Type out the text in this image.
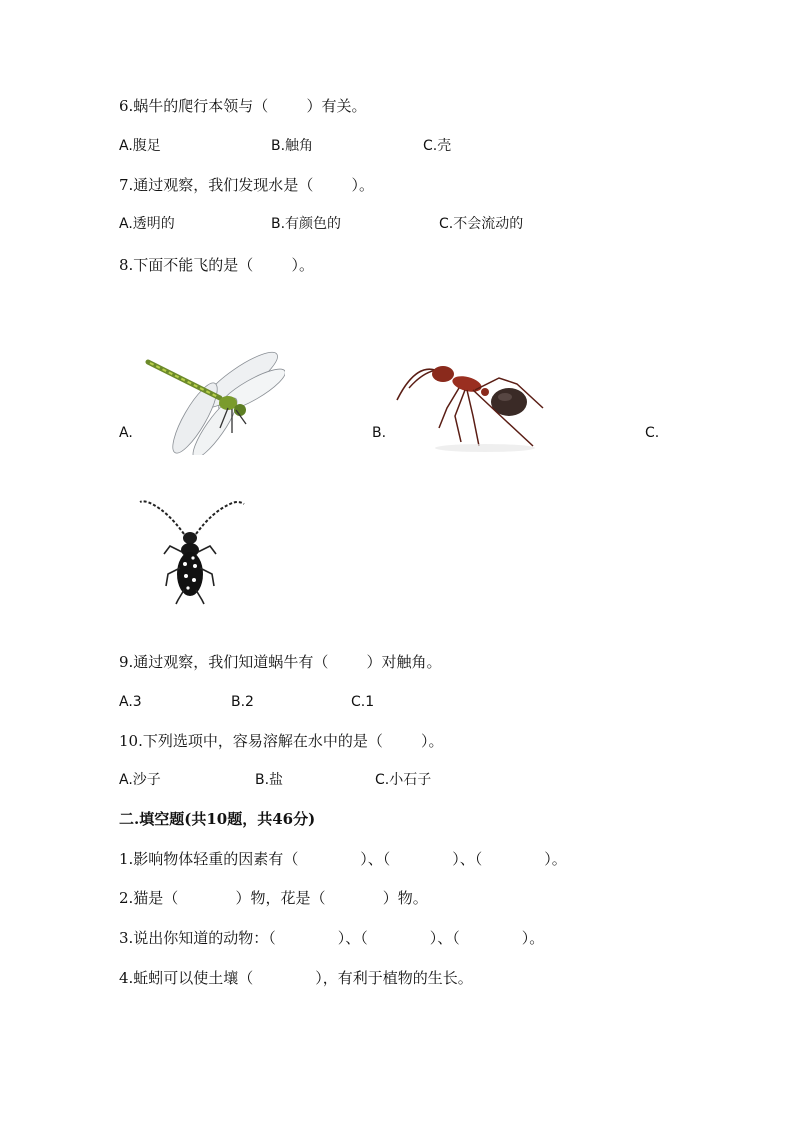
6.蜗牛的爬行本领与（        ）有关。
A.腹足	B.触角	C.壳
7.通过观察，我们发现水是（        ）。
A.透明的	B.有颜色的	C.不会流动的
8.下面不能飞的是（        ）。
A.	B.	C.
9.通过观察，我们知道蜗牛有（        ）对触角。
A.3	B.2	C.1
10.下列选项中，容易溶解在水中的是（        ）。
A.沙子	B.盐	C.小石子
二.填空题(共10题，共46分)
1.影响物体轻重的因素有（             ）、（             ）、（             ）。
2.猫是（            ）物，花是（            ）物。
3.说出你知道的动物：（             ）、（             ）、（             ）。
4.蚯蚓可以使土壤（             ），有利于植物的生长。
